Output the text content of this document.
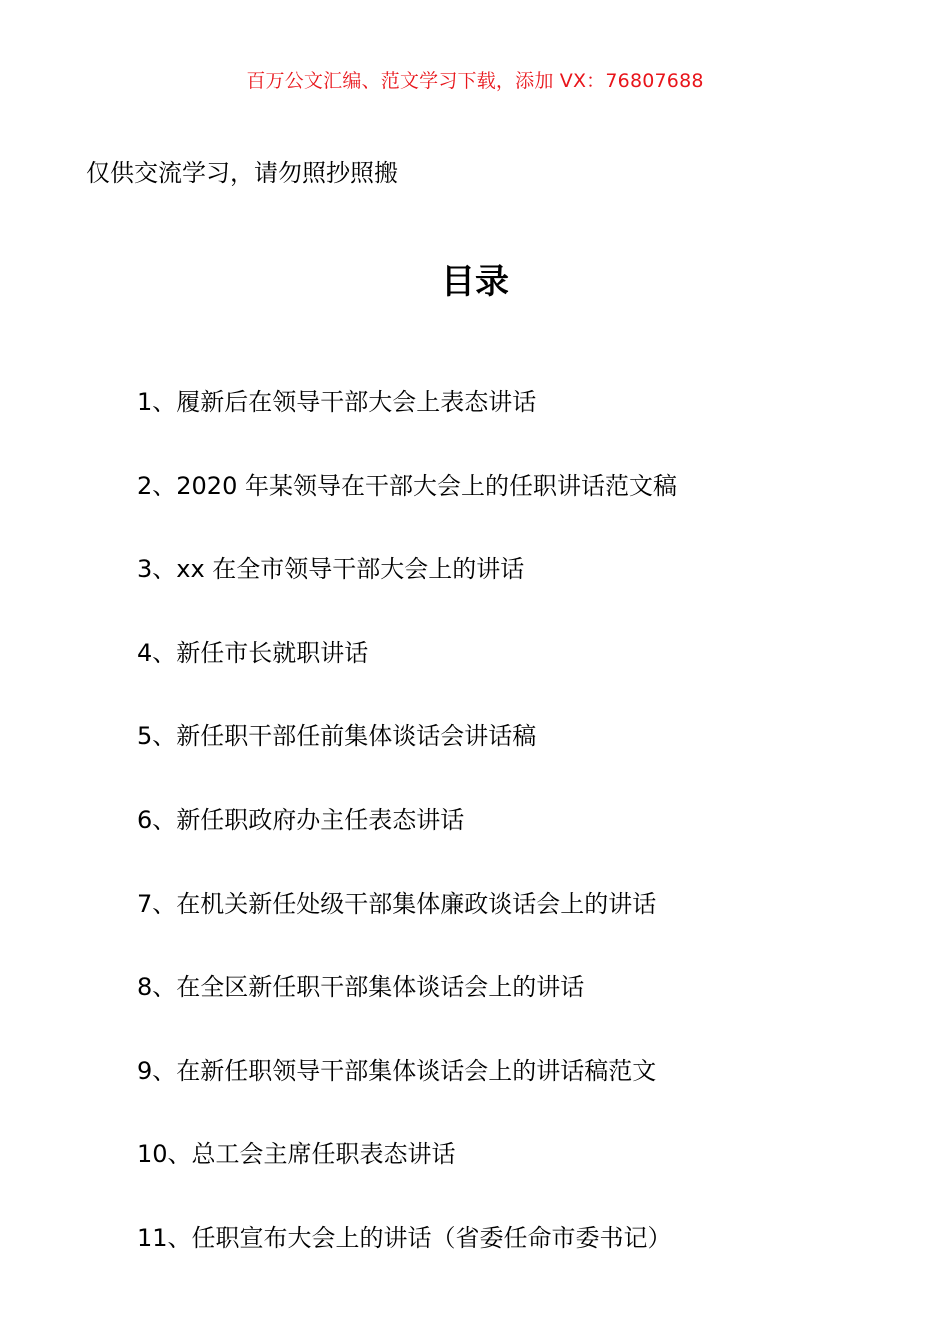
百万公文汇编、范文学习下载，添加 VX：76807688
仅供交流学习，请勿照抄照搬
目录
1、履新后在领导干部大会上表态讲话
2、2020 年某领导在干部大会上的任职讲话范文稿
3、xx 在全市领导干部大会上的讲话
4、新任市长就职讲话
5、新任职干部任前集体谈话会讲话稿
6、新任职政府办主任表态讲话
7、在机关新任处级干部集体廉政谈话会上的讲话
8、在全区新任职干部集体谈话会上的讲话
9、在新任职领导干部集体谈话会上的讲话稿范文
10、总工会主席任职表态讲话
11、任职宣布大会上的讲话（省委任命市委书记）
